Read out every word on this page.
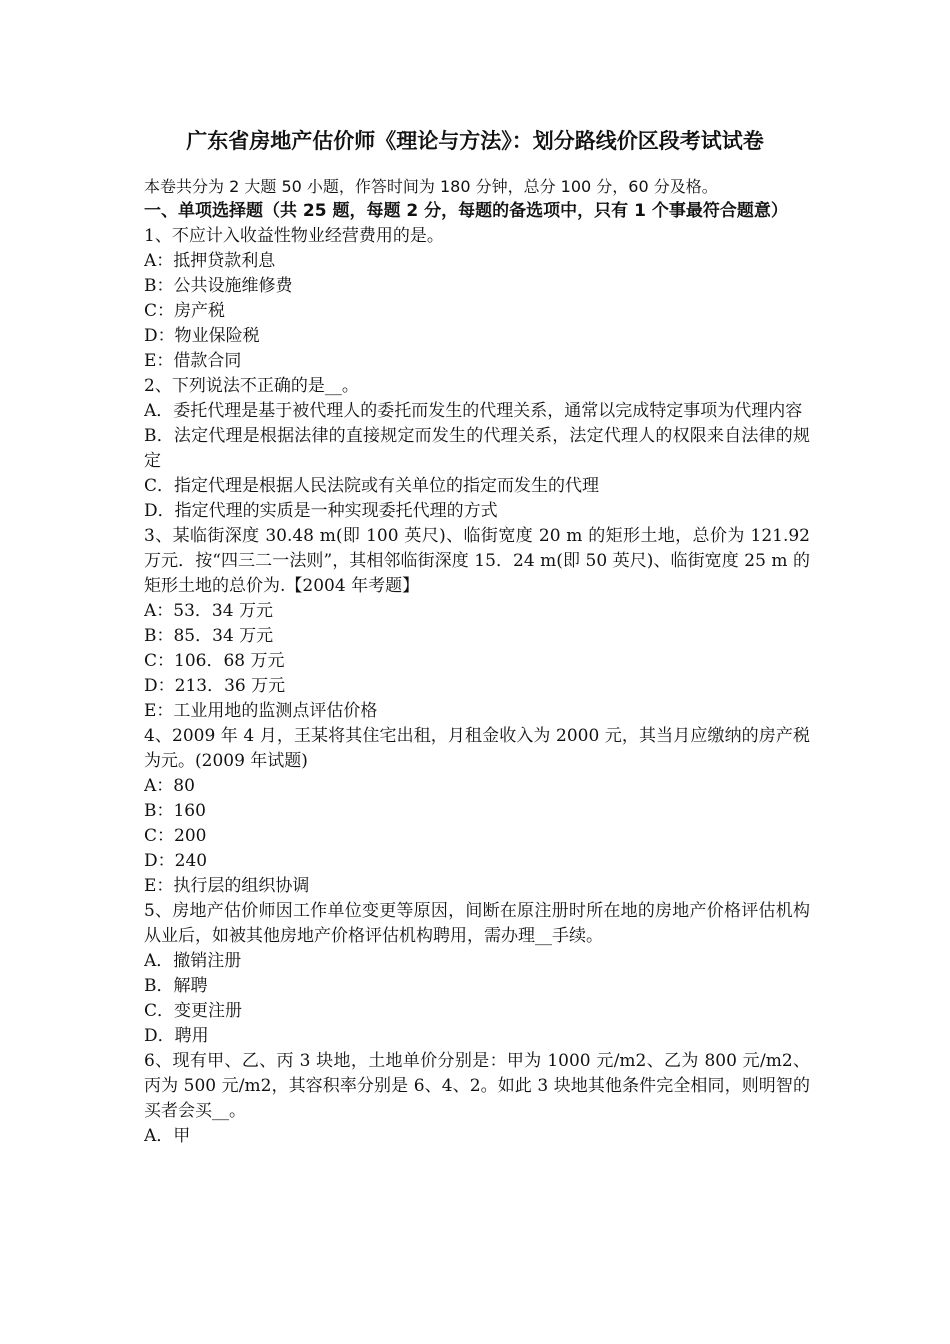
广东省房地产估价师《理论与方法》：划分路线价区段考试试卷
本卷共分为 2 大题 50 小题，作答时间为 180 分钟，总分 100 分，60 分及格。
一、单项选择题（共 25 题，每题 2 分，每题的备选项中，只有 1 个事最符合题意）
1、不应计入收益性物业经营费用的是。
A：抵押贷款利息
B：公共设施维修费
C：房产税
D：物业保险税
E：借款合同
2、下列说法不正确的是__。
A．委托代理是基于被代理人的委托而发生的代理关系，通常以完成特定事项为代理内容
B．法定代理是根据法律的直接规定而发生的代理关系，法定代理人的权限来自法律的规定
C．指定代理是根据人民法院或有关单位的指定而发生的代理
D．指定代理的实质是一种实现委托代理的方式
3、某临街深度 30.48 m(即 100 英尺)、临街宽度 20 m 的矩形土地，总价为 121.92 万元．按“四三二一法则”，其相邻临街深度 15．24 m(即 50 英尺)、临街宽度 25 m 的矩形土地的总价为.【2004 年考题】
A：53．34 万元
B：85．34 万元
C：106．68 万元
D：213．36 万元
E：工业用地的监测点评估价格
4、2009 年 4 月，王某将其住宅出租，月租金收入为 2000 元，其当月应缴纳的房产税为元。(2009 年试题)
A：80
B：160
C：200
D：240
E：执行层的组织协调
5、房地产估价师因工作单位变更等原因，间断在原注册时所在地的房地产价格评估机构从业后，如被其他房地产价格评估机构聘用，需办理__手续。
A．撤销注册
B．解聘
C．变更注册
D．聘用
6、现有甲、乙、丙 3 块地，土地单价分别是：甲为 1000 元/m2、乙为 800 元/m2、丙为 500 元/m2，其容积率分别是 6、4、2。如此 3 块地其他条件完全相同，则明智的买者会买__。
A．甲
